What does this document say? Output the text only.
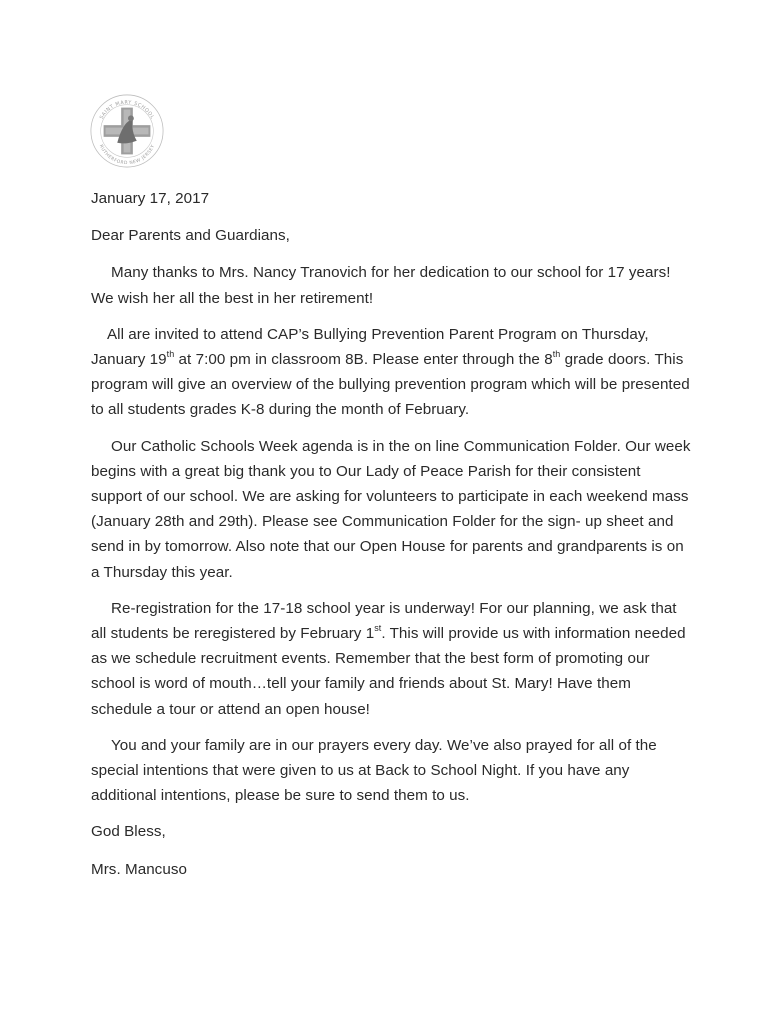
SAINT MARY SCHOOL
RUTHERFORD NEW JERSEY

January 17, 2017

Dear Parents and Guardians,

Many thanks to Mrs. Nancy Tranovich for her dedication to our school for 17 years! We wish her all the best in her retirement!

All are invited to attend CAP’s Bullying Prevention Parent Program on Thursday, January 19th at 7:00 pm in classroom 8B. Please enter through the 8th grade doors. This program will give an overview of the bullying prevention program which will be presented to all students grades K-8 during the month of February.

Our Catholic Schools Week agenda is in the on line Communication Folder. Our week begins with a great big thank you to Our Lady of Peace Parish for their consistent support of our school. We are asking for volunteers to participate in each weekend mass (January 28th and 29th). Please see Communication Folder for the sign- up sheet and send in by tomorrow. Also note that our Open House for parents and grandparents is on a Thursday this year.

Re-registration for the 17-18 school year is underway! For our planning, we ask that all students be reregistered by February 1st. This will provide us with information needed as we schedule recruitment events. Remember that the best form of promoting our school is word of mouth…tell your family and friends about St. Mary! Have them schedule a tour or attend an open house!

You and your family are in our prayers every day. We’ve also prayed for all of the special intentions that were given to us at Back to School Night. If you have any additional intentions, please be sure to send them to us.

God Bless,

Mrs. Mancuso
